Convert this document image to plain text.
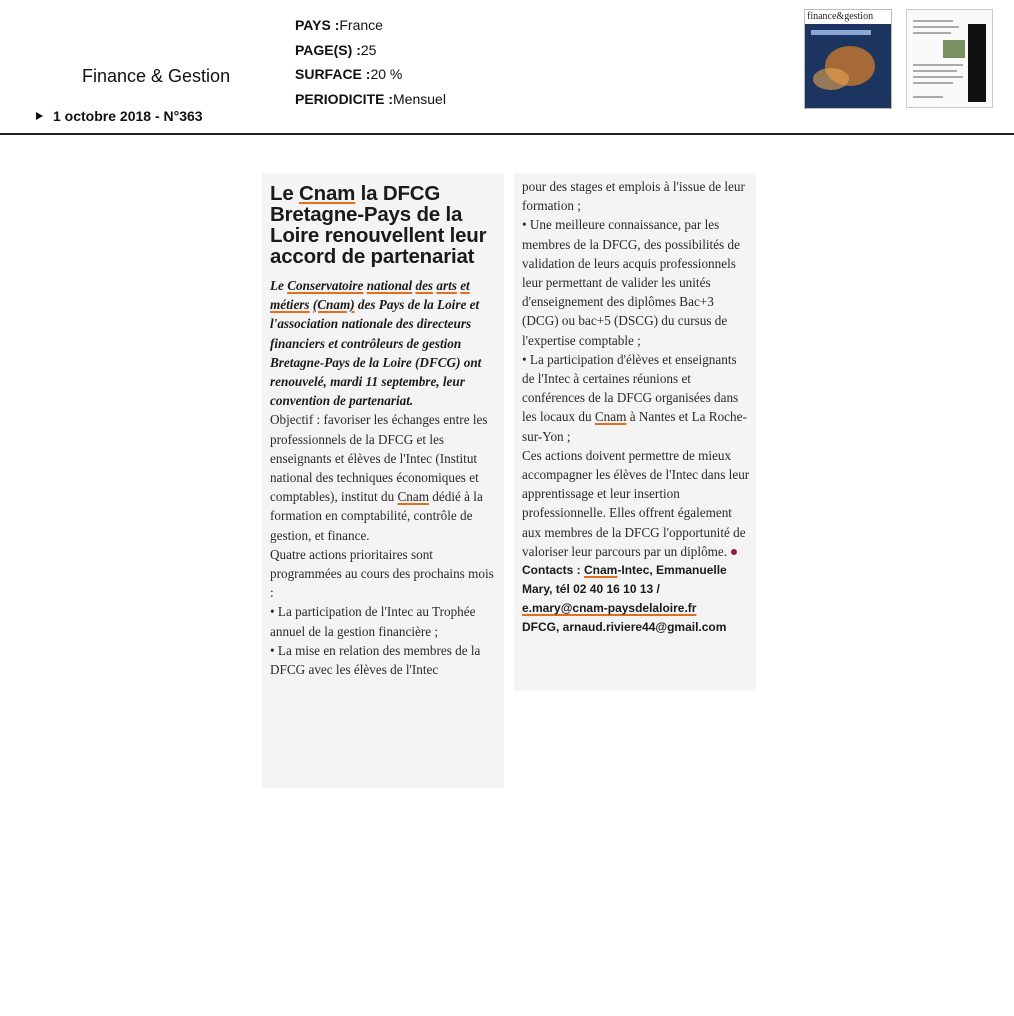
Finance & Gestion
1 octobre 2018 - N°363
PAYS :France
PAGE(S) :25
SURFACE :20 %
PERIODICITE :Mensuel
finance&gestion
Le Cnam la DFCG Bretagne-Pays de la Loire renouvellent leur accord de partenariat

Le Conservatoire national des arts et métiers (Cnam) des Pays de la Loire et l'association nationale des directeurs financiers et contrôleurs de gestion Bretagne-Pays de la Loire (DFCG) ont renouvelé, mardi 11 septembre, leur convention de partenariat.

Objectif : favoriser les échanges entre les professionnels de la DFCG et les enseignants et élèves de l'Intec (Institut national des techniques économiques et comptables), institut du Cnam dédié à la formation en comptabilité, contrôle de gestion, et finance.

Quatre actions prioritaires sont programmées au cours des prochains mois :

• La participation de l'Intec au Trophée annuel de la gestion financière ;

• La mise en relation des membres de la DFCG avec les élèves de l'Intec

pour des stages et emplois à l'issue de leur formation ;

• Une meilleure connaissance, par les membres de la DFCG, des possibilités de validation de leurs acquis professionnels leur permettant de valider les unités d'enseignement des diplômes Bac+3 (DCG) ou bac+5 (DSCG) du cursus de l'expertise comptable ;

• La participation d'élèves et enseignants de l'Intec à certaines réunions et conférences de la DFCG organisées dans les locaux du Cnam à Nantes et La Roche-sur-Yon ;

Ces actions doivent permettre de mieux accompagner les élèves de l'Intec dans leur apprentissage et leur insertion professionnelle. Elles offrent également aux membres de la DFCG l'opportunité de valoriser leur parcours par un diplôme.

Contacts : Cnam-Intec, Emmanuelle Mary, tél 02 40 16 10 13 /
e.mary@cnam-paysdelaloire.fr
DFCG, arnaud.riviere44@gmail.com
